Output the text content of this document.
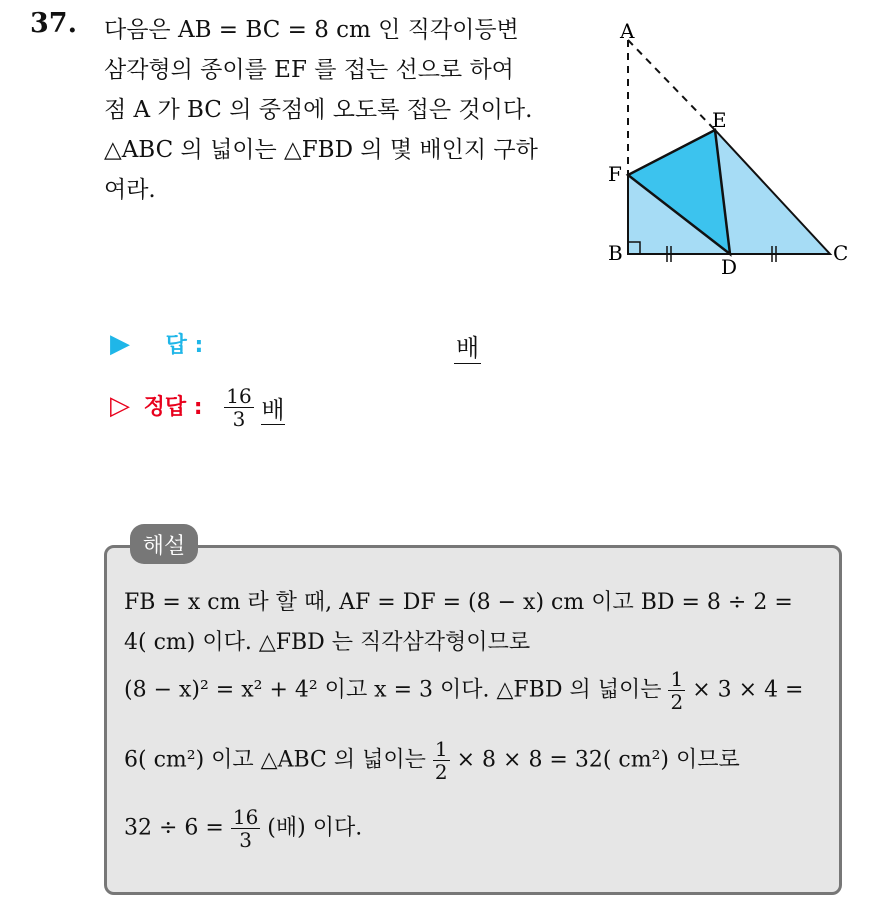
37. 다음은 AB = BC = 8 cm 인 직각이등변
삼각형의 종이를 EF 를 접는 선으로 하여
점 A 가 BC 의 중점에 오도록 접은 것이다.
△ABC 의 넓이는 △FBD 의 몇 배인지 구하
여라.
A
E
F
B
D
C
▶ 답 :	배
▷ 정답 : $\frac{16}{3}$ 배
해설
FB = x cm 라 할 때, AF = DF = (8 − x) cm 이고 BD = 8 ÷ 2 =
4( cm) 이다. △FBD 는 직각삼각형이므로
(8 − x)² = x² + 4² 이고 x = 3 이다. △FBD 의 넓이는 $\frac{1}{2} \times 3 \times 4$ =
6( cm²) 이고 △ABC 의 넓이는 $\frac{1}{2} \times 8 \times 8 = 32$( cm²) 이므로
$32 \div 6 = \frac{16}{3}$ (배) 이다.
